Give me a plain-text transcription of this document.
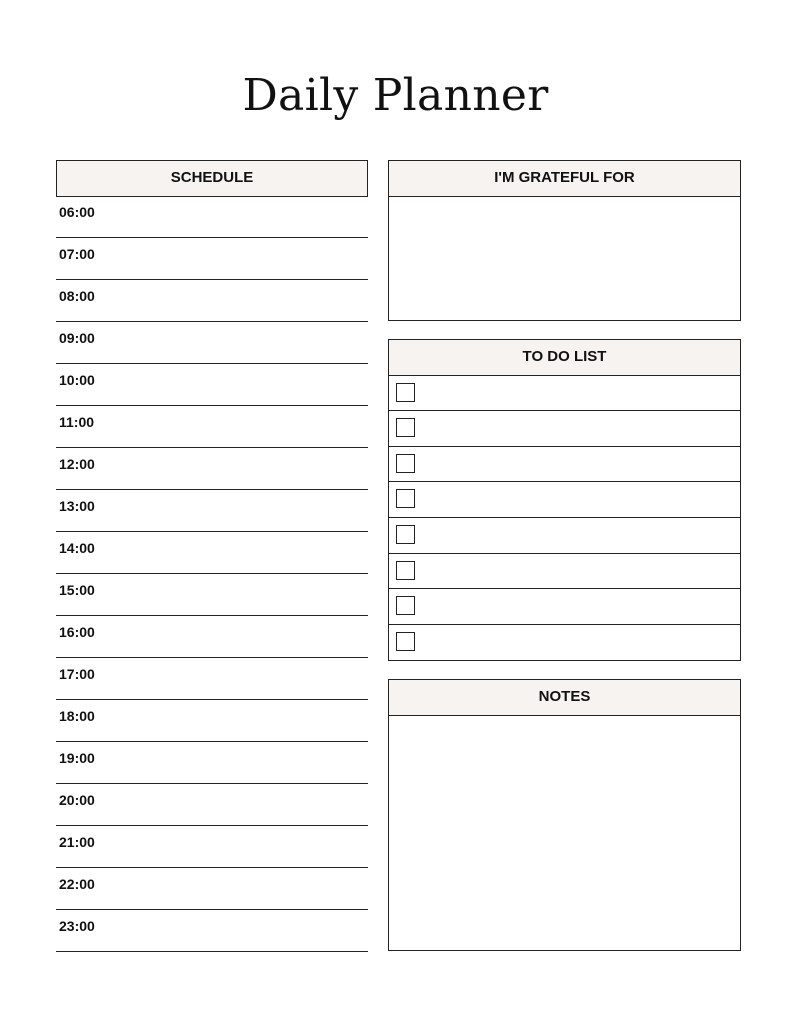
Daily Planner
SCHEDULE
06:00
07:00
08:00
09:00
10:00
11:00
12:00
13:00
14:00
15:00
16:00
17:00
18:00
19:00
20:00
21:00
22:00
23:00
I'M GRATEFUL FOR
TO DO LIST
NOTES
